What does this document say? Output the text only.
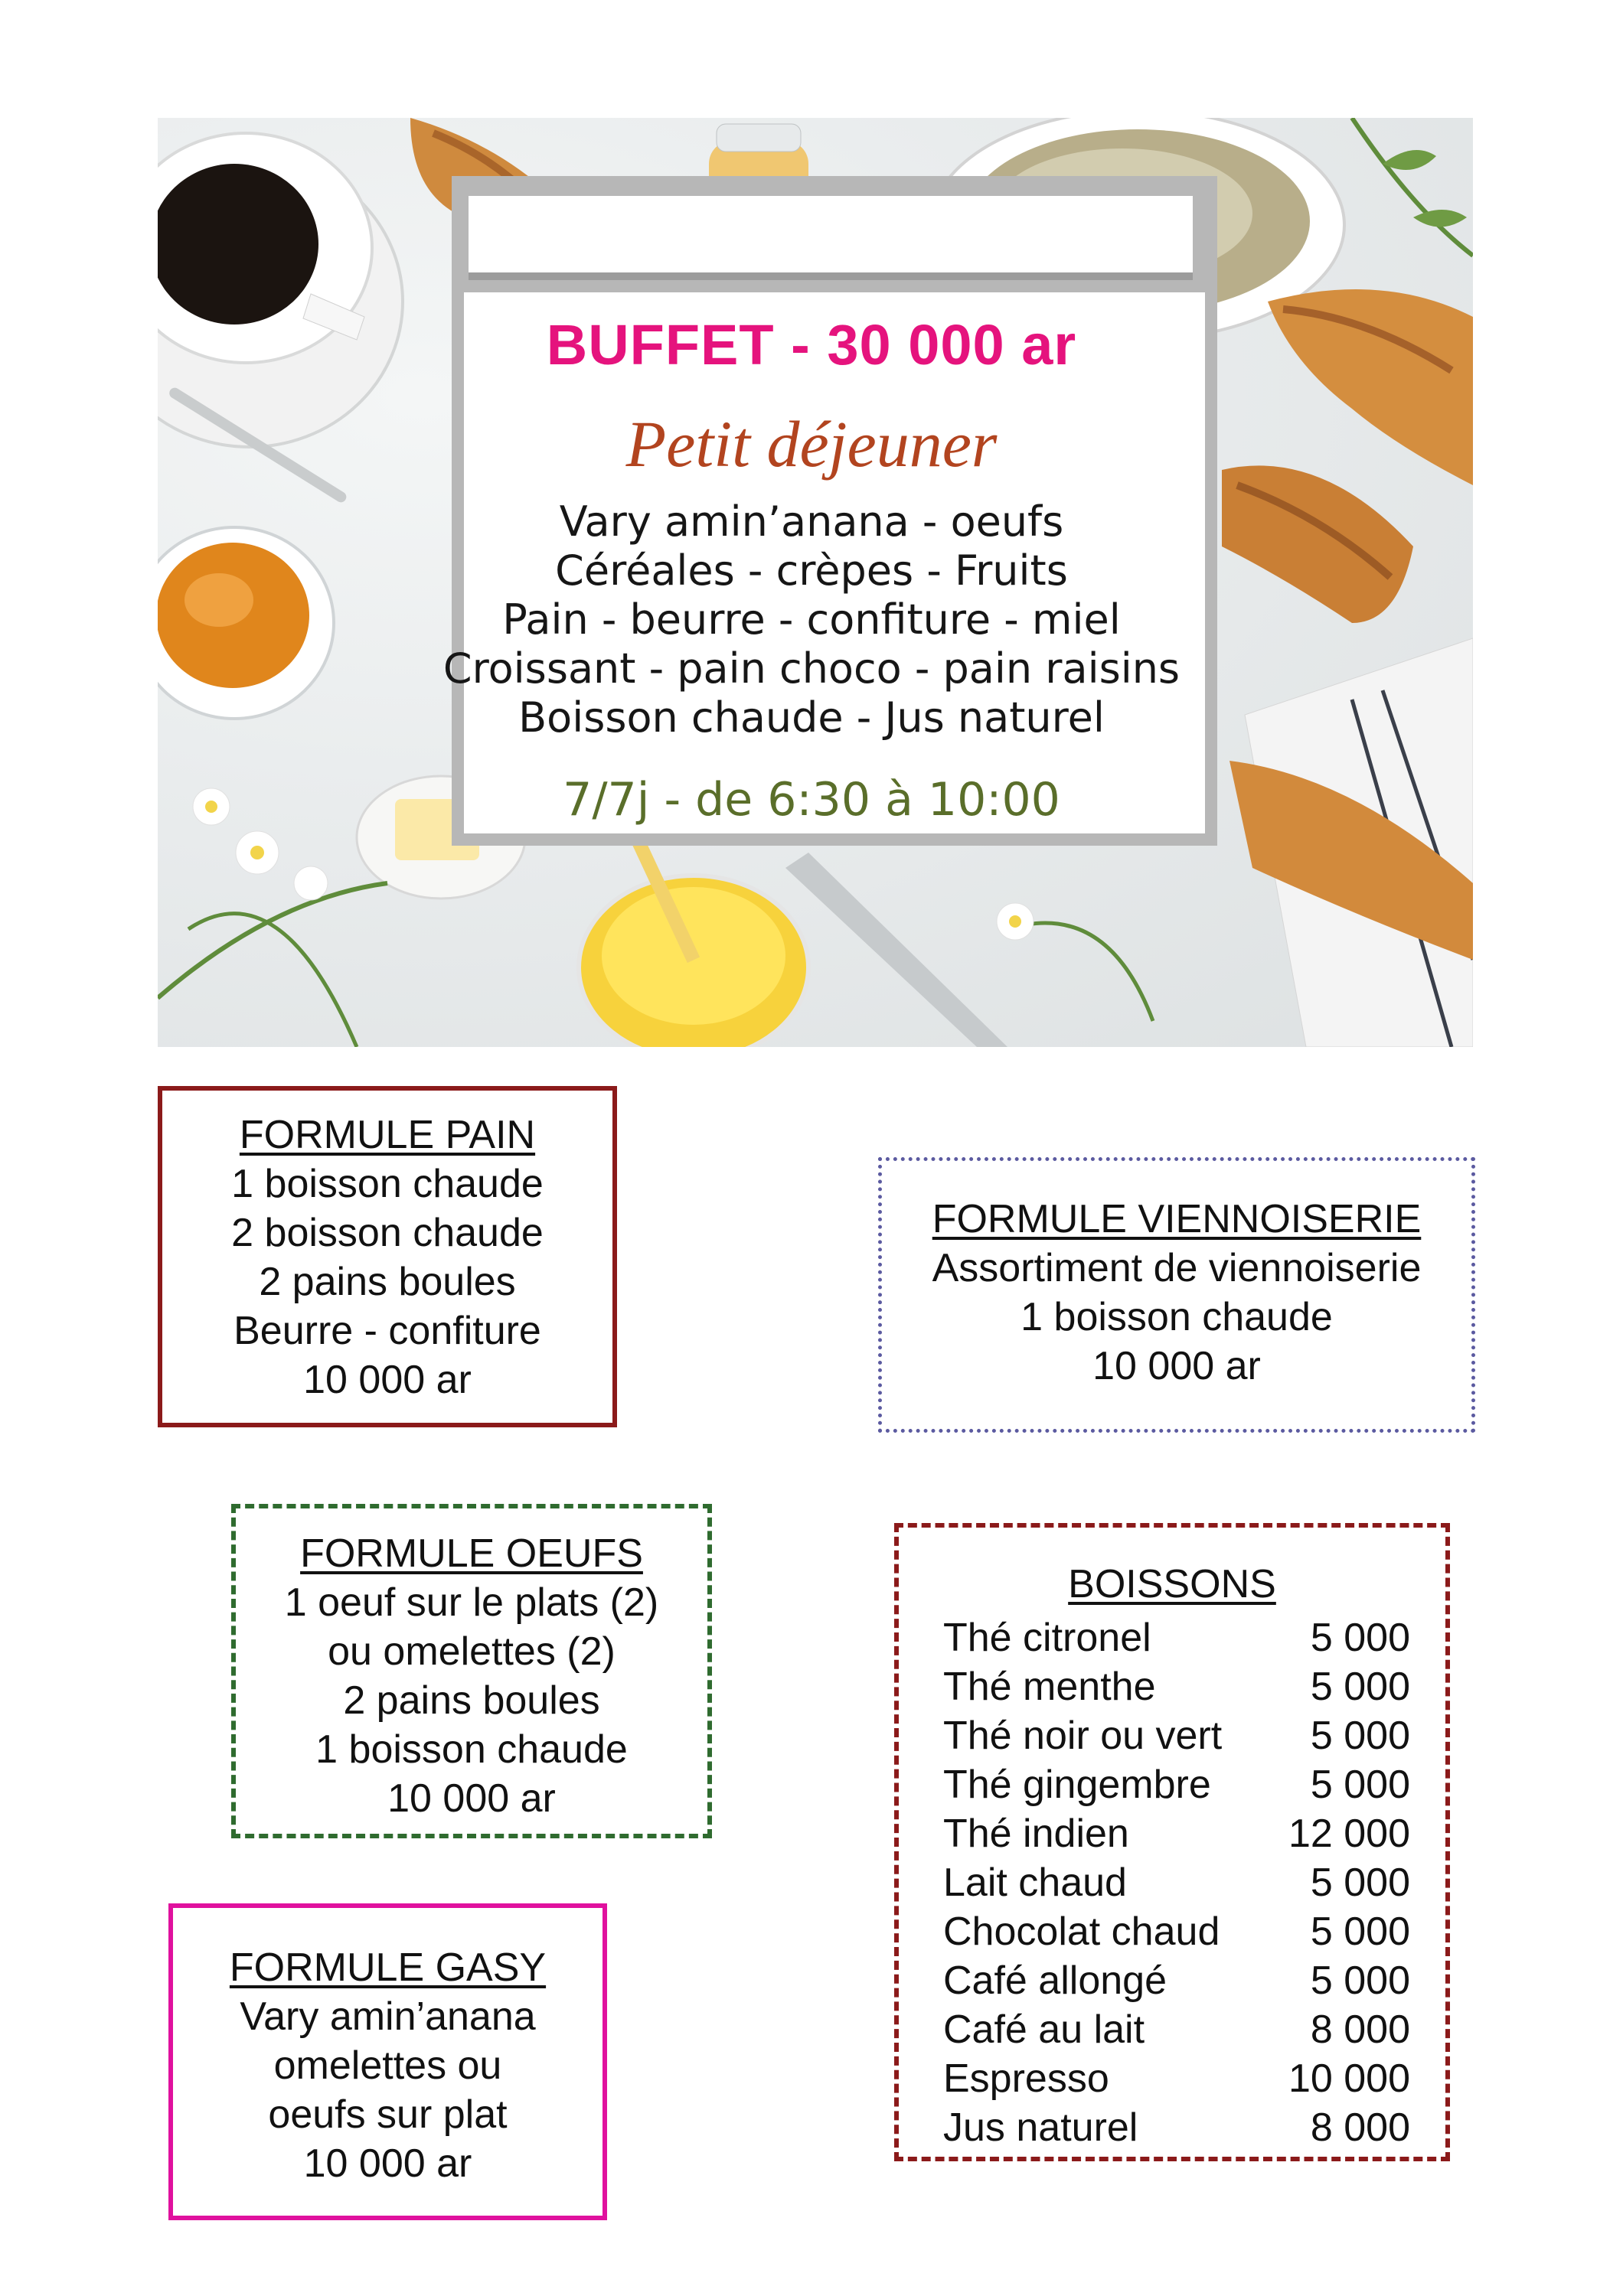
BUFFET - 30 000 ar
Petit déjeuner
Vary amin’anana - oeufs
Céréales - crèpes - Fruits
Pain - beurre - confiture - miel
Croissant - pain choco - pain raisins
Boisson chaude - Jus naturel
7/7j - de 6:30 à 10:00
FORMULE PAIN
1 boisson chaude
2 boisson chaude
2 pains boules
Beurre - confiture
10 000 ar
FORMULE VIENNOISERIE
Assortiment de viennoiserie
1 boisson chaude
10 000 ar
FORMULE OEUFS
1 oeuf sur le plats (2)
ou omelettes (2)
2 pains boules
1 boisson chaude
10 000 ar
FORMULE GASY
Vary amin’anana
omelettes ou
oeufs sur plat
10 000 ar
BOISSONS
Thé citronel	5 000
Thé menthe	5 000
Thé noir ou vert	5 000
Thé gingembre	5 000
Thé indien	12 000
Lait chaud	5 000
Chocolat chaud	5 000
Café allongé	5 000
Café au lait	8 000
Espresso	10 000
Jus naturel	8 000
